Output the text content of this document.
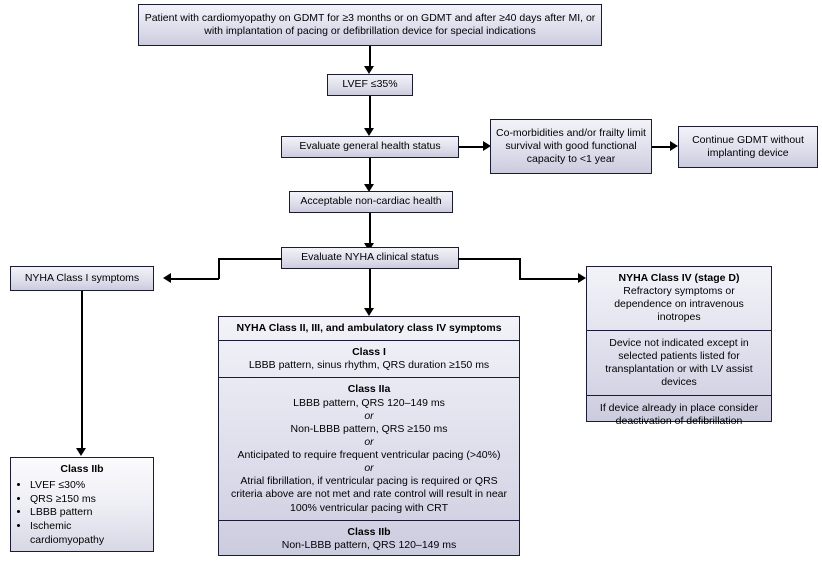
Patient with cardiomyopathy on GDMT for ≥3 months or on GDMT and after ≥40 days after MI, or with implantation of pacing or defibrillation device for special indications
LVEF ≤35%
Evaluate general health status
Co-morbidities and/or frailty limit survival with good functional capacity to <1 year
Continue GDMT without implanting device
Acceptable non-cardiac health
Evaluate NYHA clinical status
NYHA Class I symptoms
Class IIb
• LVEF ≤30%
• QRS ≥150 ms
• LBBB pattern
• Ischemic cardiomyopathy
NYHA Class II, III, and ambulatory class IV symptoms
Class I
LBBB pattern, sinus rhythm, QRS duration ≥150 ms
Class IIa
LBBB pattern, QRS 120–149 ms
or
Non-LBBB pattern, QRS ≥150 ms
or
Anticipated to require frequent ventricular pacing (>40%)
or
Atrial fibrillation, if ventricular pacing is required or QRS criteria above are not met and rate control will result in near 100% ventricular pacing with CRT
Class IIb
Non-LBBB pattern, QRS 120–149 ms
NYHA Class IV (stage D)
Refractory symptoms or dependence on intravenous inotropes
Device not indicated except in selected patients listed for transplantation or with LV assist devices
If device already in place consider deactivation of defibrillation
